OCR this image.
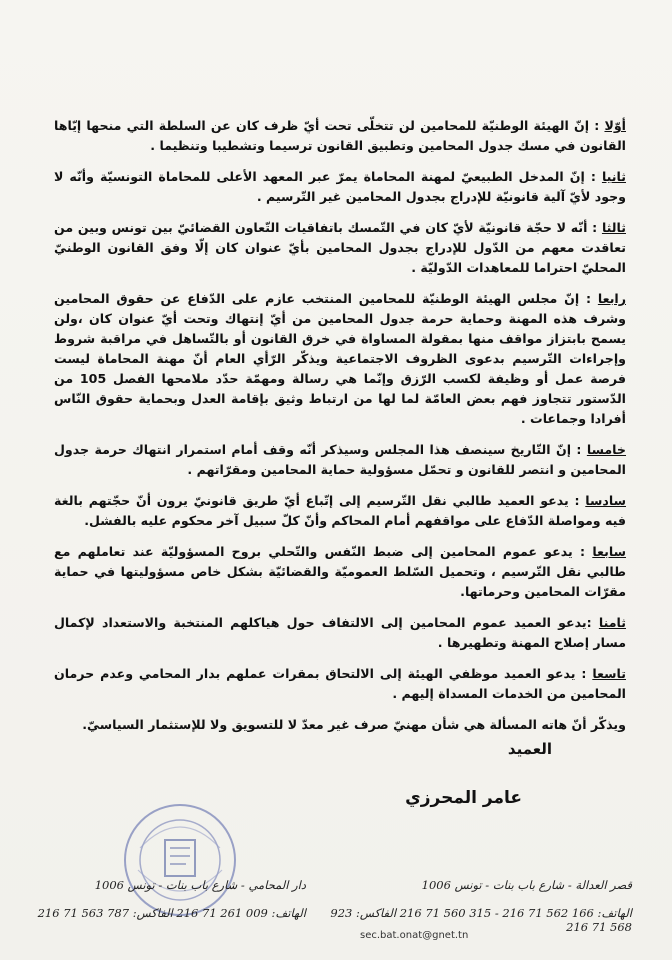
أوّلا : إنّ الهيئة الوطنيّة للمحامين لن تتخلّى تحت أيّ ظرف كان عن السلطة التي منحها إيّاها القانون في مسك جدول المحامين وتطبيق القانون ترسيما وتشطيبا وتنظيما .

ثانيا : إنّ المدخل الطبيعيّ لمهنة المحاماة يمرّ عبر المعهد الأعلى للمحاماة التونسيّة وأنّه لا وجود لأيّ آلية قانونيّة للإدراج بجدول المحامين غير التّرسيم .

ثالثا : أنّه لا حجّة قانونيّة لأيّ كان في التّمسك باتفاقيات التّعاون القضائيّ بين تونس وبين من تعاقدت معهم من الدّول للإدراج بجدول المحامين بأيّ عنوان كان إلّا وفق القانون الوطنيّ المحليّ احتراما للمعاهدات الدّوليّة .

رابعا : إنّ مجلس الهيئة الوطنيّة للمحامين المنتخب عازم على الدّفاع عن حقوق المحامين وشرف هذه المهنة وحماية حرمة جدول المحامين من أيّ إنتهاك وتحت أيّ عنوان كان ،ولن يسمح بابتزاز مواقف منها بمقولة المساواة في خرق القانون أو بالتّساهل في مراقبة شروط وإجراءات التّرسيم بدعوى الظروف الاجتماعية ويذكّر الرّأي العام أنّ مهنة المحاماة ليست فرصة عمل أو وظيفة لكسب الرّزق وإنّما هي رسالة ومهمّة حدّد ملامحها الفصل 105 من الدّستور تتجاوز فهم بعض العامّة لما لها من ارتباط وثيق بإقامة العدل وبحماية حقوق النّاس أفرادا وجماعات .

خامسا : إنّ التّاريخ سينصف هذا المجلس وسيذكر أنّه وقف أمام استمرار انتهاك حرمة جدول المحامين و انتصر للقانون و تحمّل مسؤولية حماية المحامين ومقرّاتهم .

سادسا : يدعو العميد طالبي نقل التّرسيم إلى إتّباع أيّ طريق قانونيّ يرون أنّ حجّتهم بالغة فيه ومواصلة الدّفاع على مواقفهم أمام المحاكم وأنّ كلّ سبيل آخر محكوم عليه بالفشل.

سابعا : يدعو عموم المحامين إلى ضبط النّفس والتّحلي بروح المسؤوليّة عند تعاملهم مع طالبي نقل التّرسيم ، وتحميل السّلط العموميّة والقضائيّة بشكل خاص مسؤوليتها في حماية مقرّات المحامين وحرماتها.

ثامنا :يدعو العميد عموم المحامين إلى الالتفاف حول هياكلهم المنتخبة والاستعداد لإكمال مسار إصلاح المهنة وتطهيرها .

تاسعا : يدعو العميد موظفي الهيئة إلى الالتحاق بمقرات عملهم بدار المحامي وعدم حرمان المحامين من الخدمات المسداة إليهم .

ويذكّر أنّ هاته المسألة هي شأن مهنيّ صرف غير معدّ لا للتسويق ولا للإستثمار السياسيّ.

العميد
عامر المحرزي
قصر العدالة - شارع باب بنات - تونس 1006
دار المحامي - شارع باب بنات - تونس 1006
الهاتف: 166 562 71 216 - 315 560 71 216 الفاكس: 923 568 71 216
الهاتف: 009 261 71 216 الفاكس: 787 563 71 216
sec.bat.onat@gnet.tn
